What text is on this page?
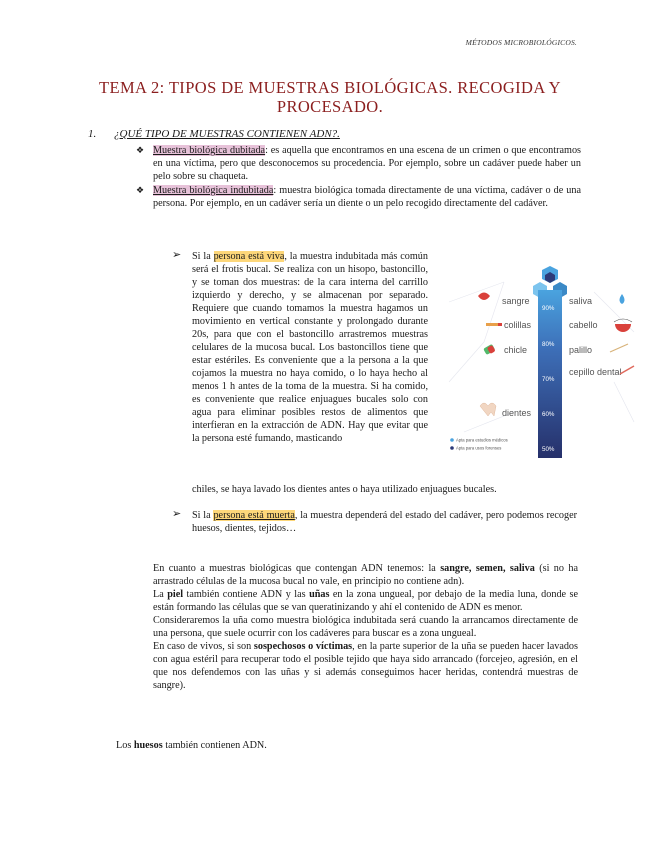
MÉTODOS MICROBIOLÓGICOS.
TEMA 2: TIPOS DE MUESTRAS BIOLÓGICAS. RECOGIDA Y
PROCESADO.
1. ¿QUÉ TIPO DE MUESTRAS CONTIENEN ADN?.
❖ Muestra biológica dubitada: es aquella que encontramos en una escena de un crimen o que encontramos en una víctima, pero que desconocemos su procedencia. Por ejemplo, sobre un cadáver puede haber un pelo sobre su chaqueta.
❖ Muestra biológica indubitada: muestra biológica tomada directamente de una víctima, cadáver o de una persona. Por ejemplo, en un cadáver sería un diente o un pelo recogido directamente del cadáver.
➢ Si la persona está viva, la muestra indubitada más común será el frotis bucal. Se realiza con un hisopo, bastoncillo, y se toman dos muestras: de la cara interna del carrillo izquierdo y derecho, y se almacenan por separado. Requiere que cuando tomamos la muestra hagamos un movimiento en vertical constante y prolongado durante 20s, para que con el bastoncillo arrastremos muestras celulares de la mucosa bucal. Los bastoncillos tiene que estar estériles. Es conveniente que a la persona a la que cojamos la muestra no haya comido, o lo haya hecho al menos 1 h antes de la toma de la muestra. Si ha comido, es conveniente que realice enjuagues bucales solo con agua para eliminar posibles restos de alimentos que interfieran en la extracción de ADN. Hay que evitar que la persona esté fumando, masticando
chiles, se haya lavado los dientes antes o haya utilizado enjuagues bucales.
90%
80%
70%
60%
50%
sangre
colillas
chicle
dientes
saliva
cabello
palillo
cepillo dental
Apta para estudios médicos
Apta para usos forenses
➢ Si la persona está muerta, la muestra dependerá del estado del cadáver, pero podemos recoger huesos, dientes, tejidos…

En cuanto a muestras biológicas que contengan ADN tenemos: la sangre, semen, saliva (si no ha arrastrado células de la mucosa bucal no vale, en principio no contiene adn).

La piel también contiene ADN y las uñas en la zona ungueal, por debajo de la media luna, donde se están formando las células que se van queratinizando y ahí el contenido de ADN es menor.

Consideraremos la uña como muestra biológica indubitada será cuando la arrancamos directamente de una persona, que suele ocurrir con los cadáveres para buscar es a zona ungueal.

En caso de vivos, si son sospechosos o víctimas, en la parte superior de la uña se pueden hacer lavados con agua estéril para recuperar todo el posible tejido que haya sido arrancado (forcejeo, agresión, en el que nos defendemos con las uñas y si además conseguimos hacer heridas, contendrá muestras de sangre).

Los huesos también contienen ADN.
